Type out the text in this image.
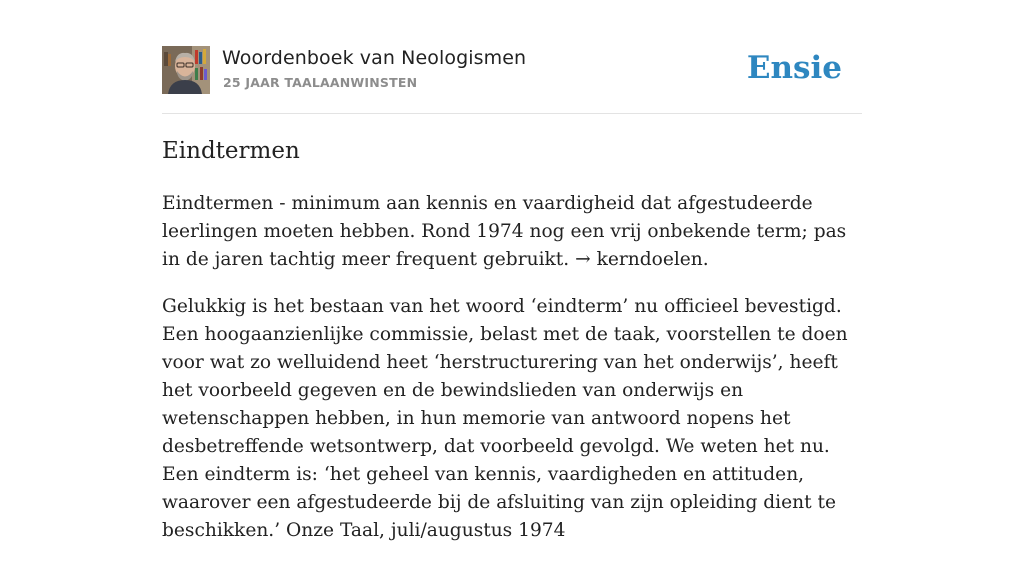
Woordenboek van Neologismen
25 JAAR TAALAANWINSTEN	Ensie
Eindtermen

Eindtermen - minimum aan kennis en vaardigheid dat afgestudeerde leerlingen moeten hebben. Rond 1974 nog een vrij onbekende term; pas in de jaren tachtig meer frequent gebruikt. → kerndoelen.

Gelukkig is het bestaan van het woord ‘eindterm’ nu officieel bevestigd. Een hoogaanzienlijke commissie, belast met de taak, voorstellen te doen voor wat zo welluidend heet ‘herstructurering van het onderwijs’, heeft het voorbeeld gegeven en de bewindslieden van onderwijs en wetenschappen hebben, in hun memorie van antwoord nopens het desbetreffende wetsontwerp, dat voorbeeld gevolgd. We weten het nu. Een eindterm is: ‘het geheel van kennis, vaardigheden en attituden, waarover een afgestudeerde bij de afsluiting van zijn opleiding dient te beschikken.’ Onze Taal, juli/augustus 1974
